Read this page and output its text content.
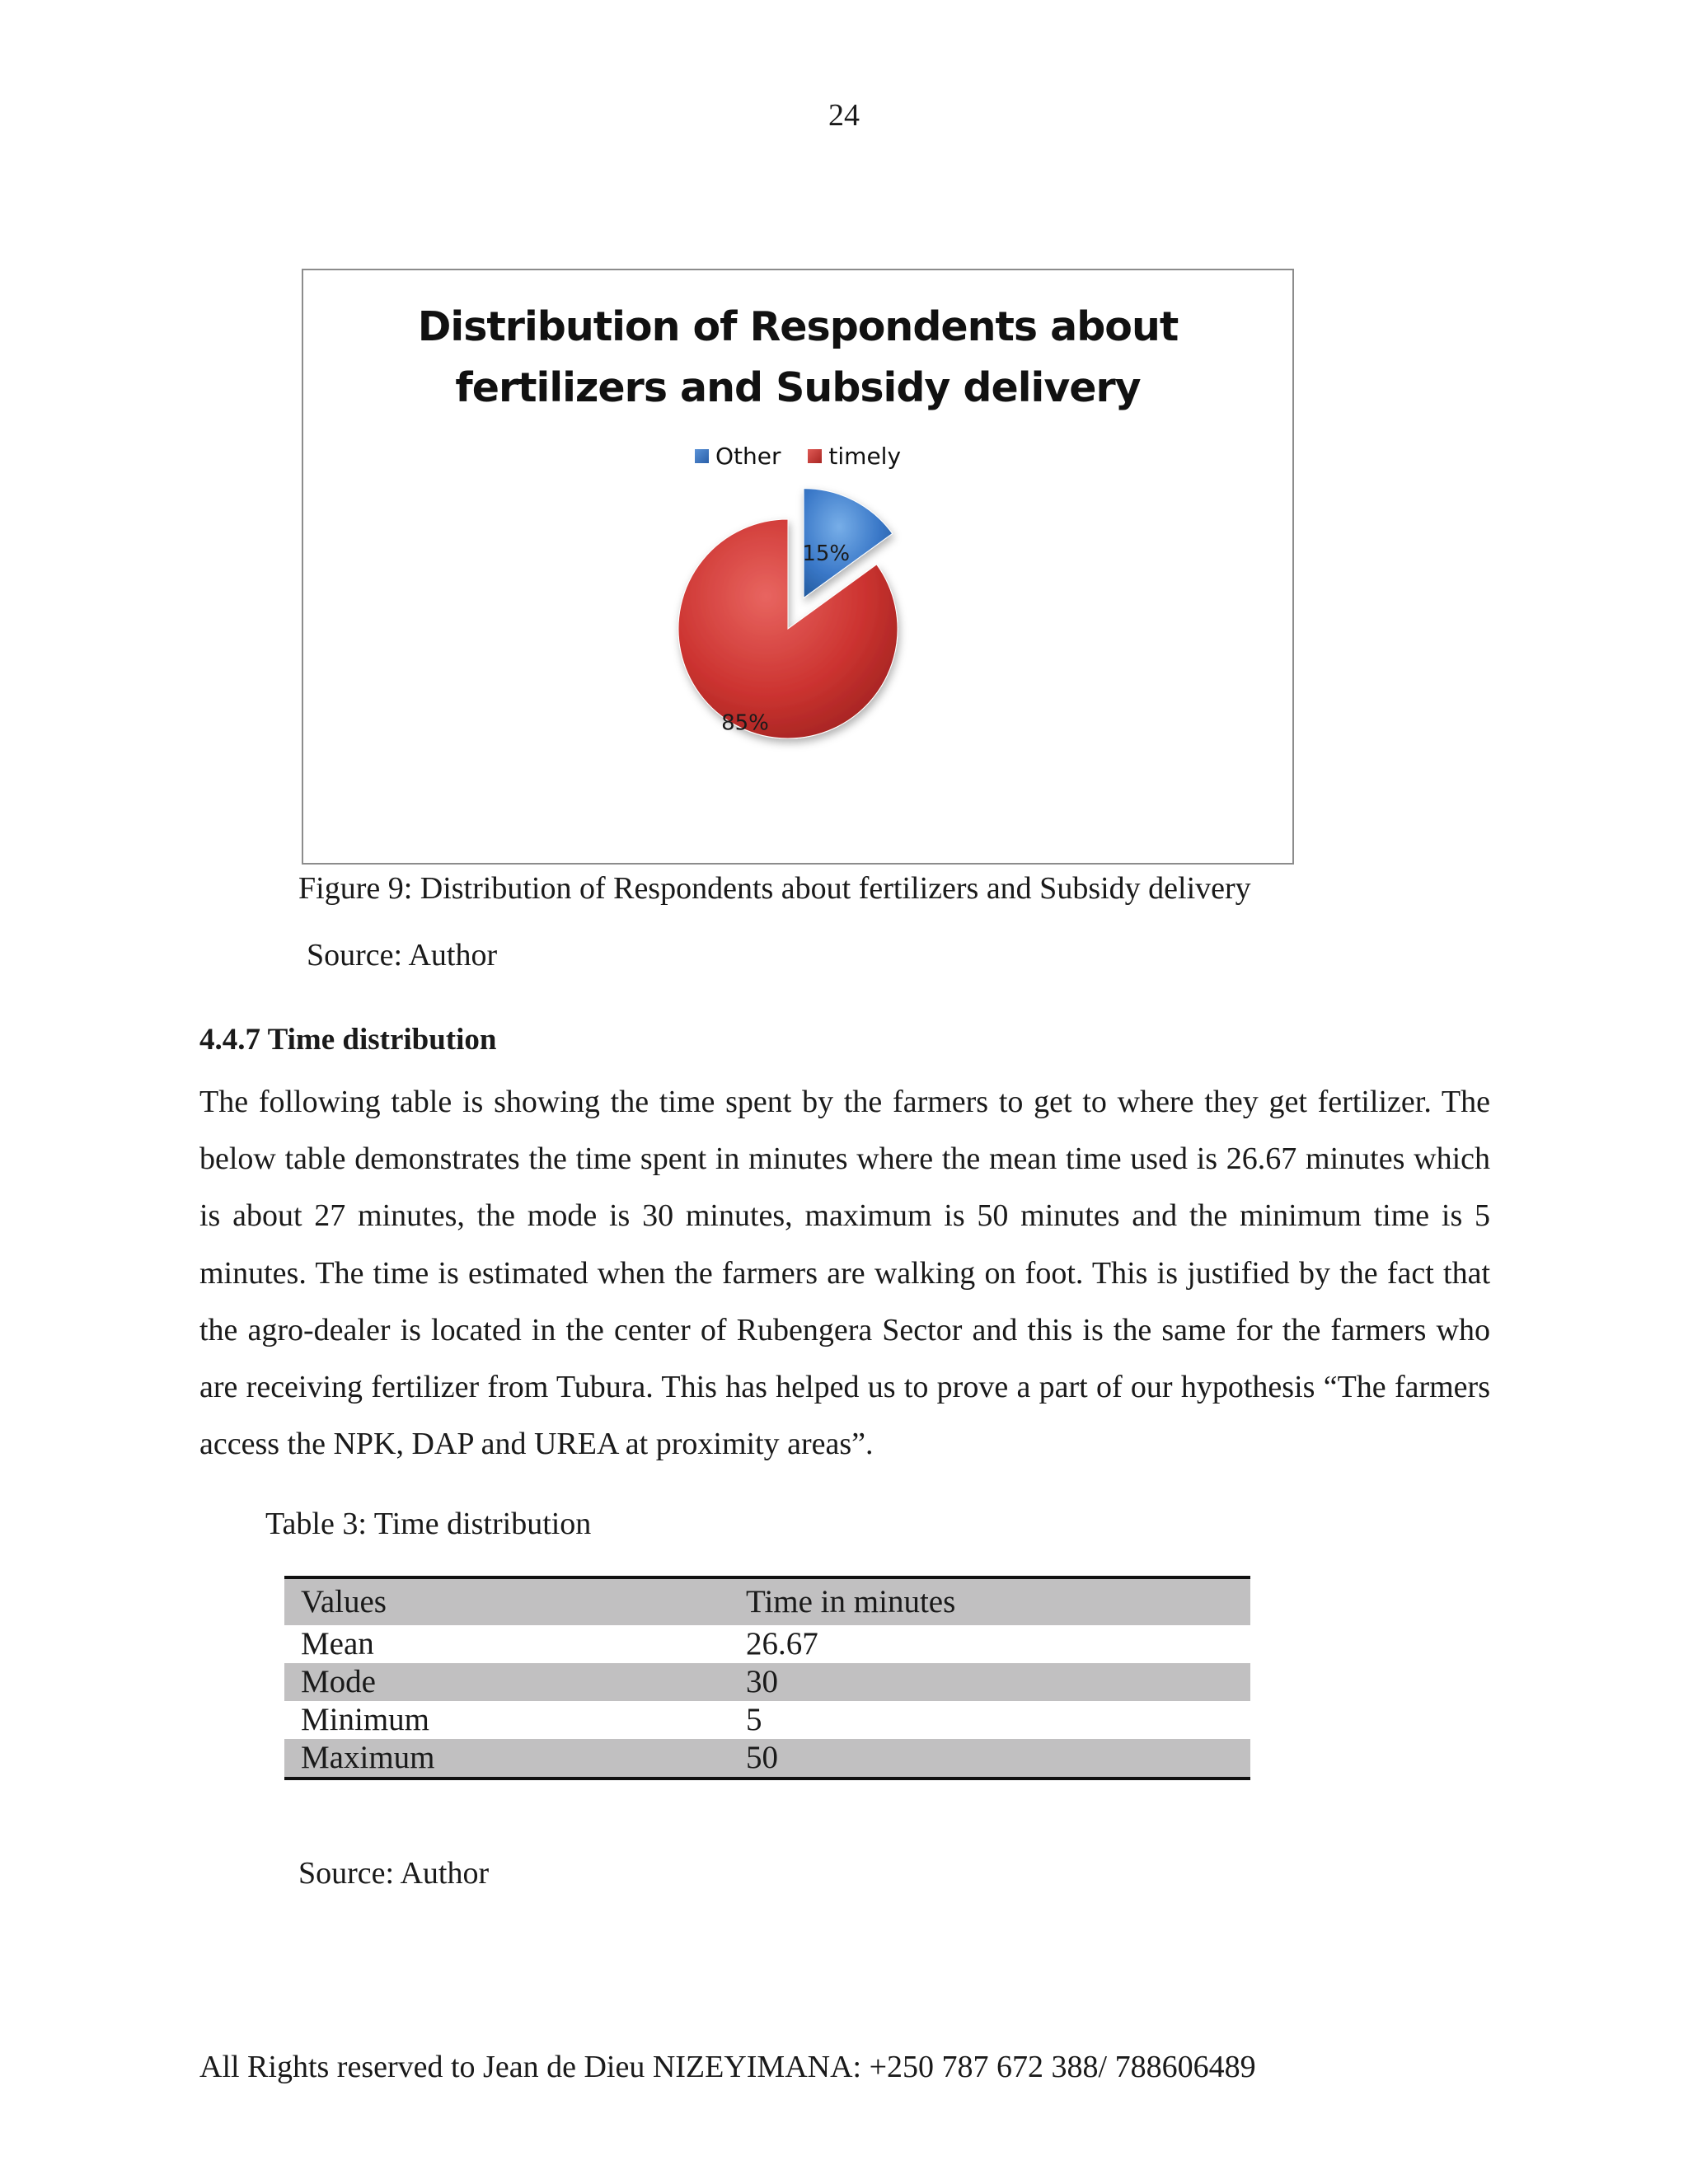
24
Distribution of Respondents about
fertilizers and Subsidy delivery
Other
timely
15%
85%
Figure 9: Distribution of Respondents about fertilizers and Subsidy delivery
Source: Author
4.4.7 Time distribution

The following table is showing the time spent by the farmers to get to where they get fertilizer. The below table demonstrates the time spent in minutes where the mean time used is 26.67 minutes which is about 27 minutes, the mode is 30 minutes, maximum is 50 minutes and the minimum time is 5 minutes. The time is estimated when the farmers are walking on foot. This is justified by the fact that the agro-dealer is located in the center of Rubengera Sector and this is the same for the farmers who are receiving fertilizer from Tubura. This has helped us to prove a part of our hypothesis “The farmers access the NPK, DAP and UREA at proximity areas”.

Table 3: Time distribution
Values	Time in minutes
Mean	26.67
Mode	30
Minimum	5
Maximum	50
Source: Author
All Rights reserved to Jean de Dieu NIZEYIMANA: +250 787 672 388/ 788606489
